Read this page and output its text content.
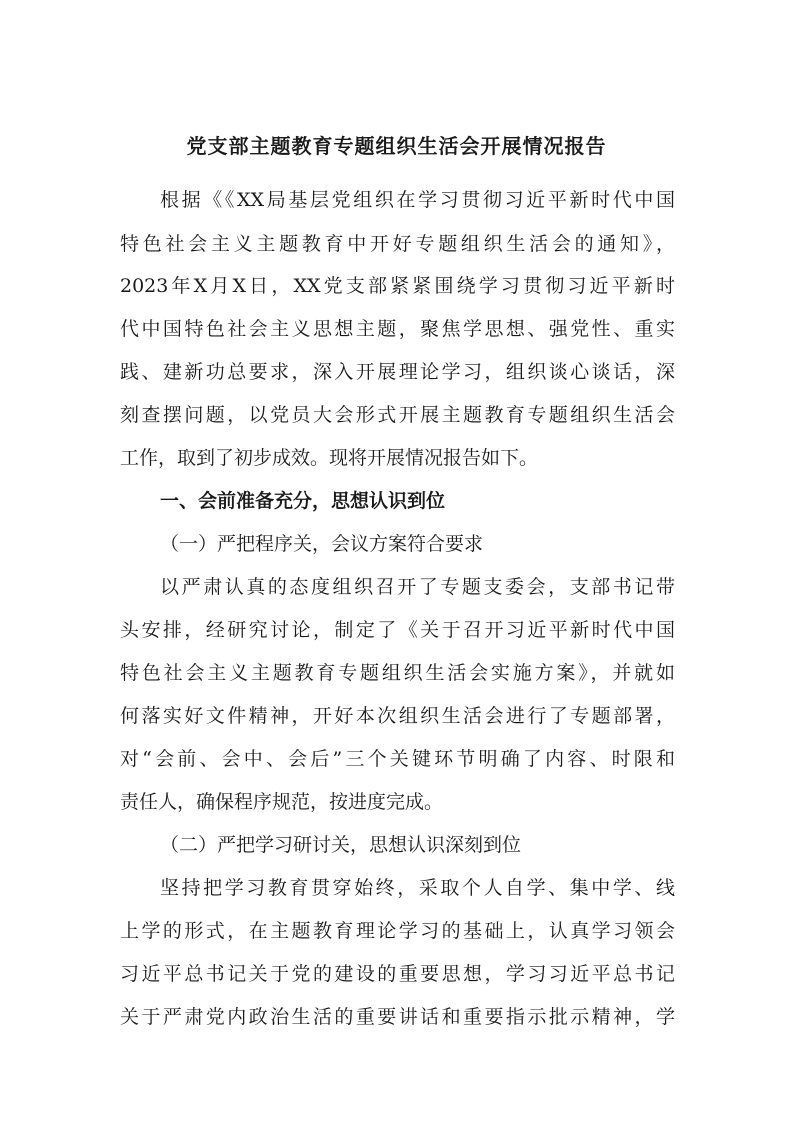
党支部主题教育专题组织生活会开展情况报告
根据《《XX局基层党组织在学习贯彻习近平新时代中国
特色社会主义主题教育中开好专题组织生活会的通知》，
2023年X月X日，XX党支部紧紧围绕学习贯彻习近平新时
代中国特色社会主义思想主题，聚焦学思想、强党性、重实
践、建新功总要求，深入开展理论学习，组织谈心谈话，深
刻查摆问题，以党员大会形式开展主题教育专题组织生活会
工作，取到了初步成效。现将开展情况报告如下。
一、会前准备充分，思想认识到位
（一）严把程序关，会议方案符合要求
以严肃认真的态度组织召开了专题支委会，支部书记带
头安排，经研究讨论，制定了《关于召开习近平新时代中国
特色社会主义主题教育专题组织生活会实施方案》，并就如
何落实好文件精神，开好本次组织生活会进行了专题部署，
对“会前、会中、会后”三个关键环节明确了内容、时限和
责任人，确保程序规范，按进度完成。
（二）严把学习研讨关，思想认识深刻到位
坚持把学习教育贯穿始终，采取个人自学、集中学、线
上学的形式，在主题教育理论学习的基础上，认真学习领会
习近平总书记关于党的建设的重要思想，学习习近平总书记
关于严肃党内政治生活的重要讲话和重要指示批示精神，学
